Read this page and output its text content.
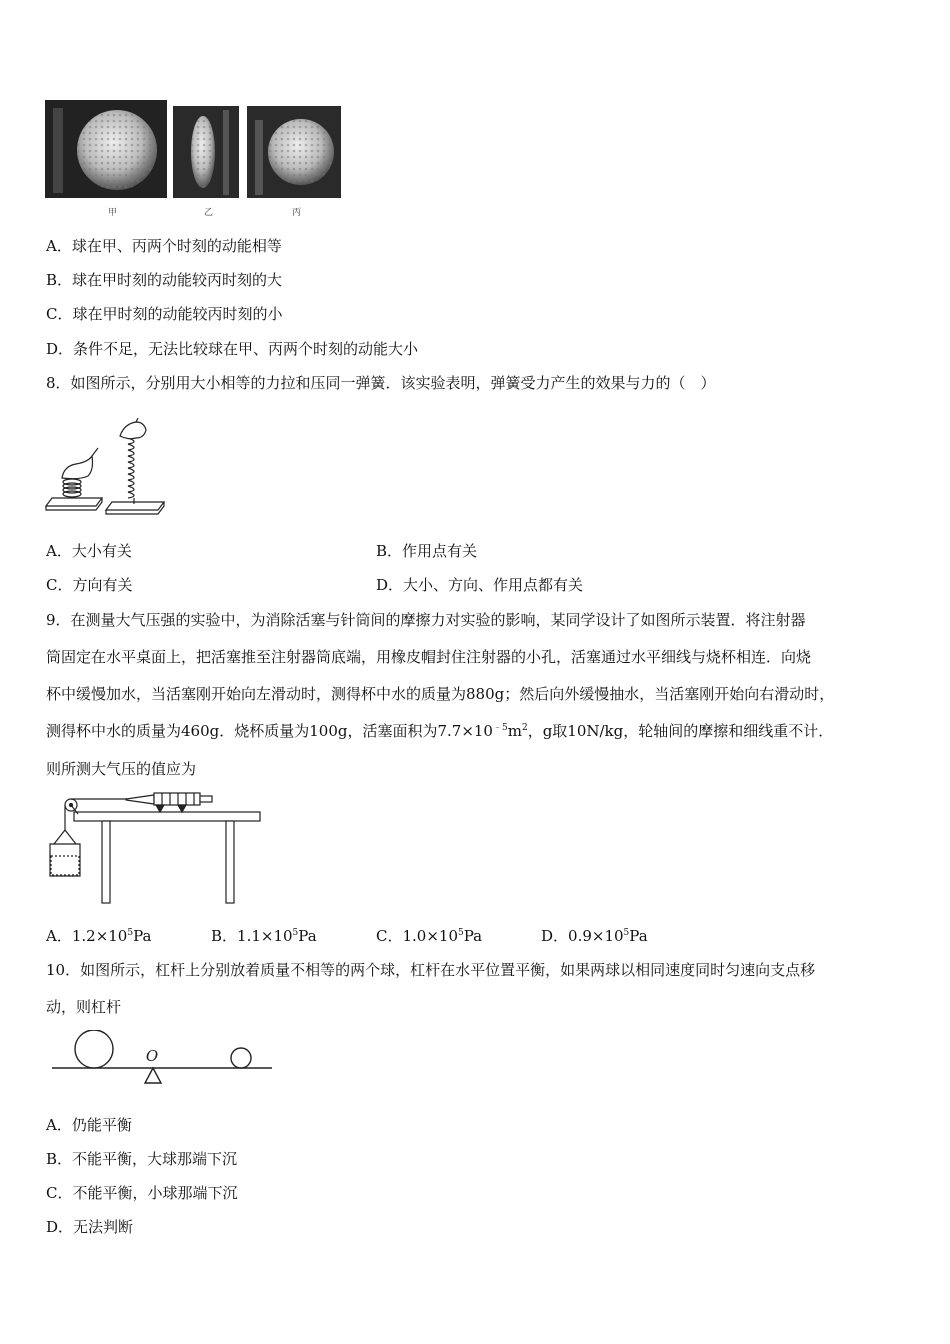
甲	乙	丙
A．球在甲、丙两个时刻的动能相等
B．球在甲时刻的动能较丙时刻的大
C．球在甲时刻的动能较丙时刻的小
D．条件不足，无法比较球在甲、丙两个时刻的动能大小
8．如图所示，分别用大小相等的力拉和压同一弹簧．该实验表明，弹簧受力产生的效果与力的（　）
A．大小有关	B．作用点有关
C．方向有关	D．大小、方向、作用点都有关
9．在测量大气压强的实验中，为消除活塞与针筒间的摩擦力对实验的影响，某同学设计了如图所示装置．将注射器
筒固定在水平桌面上，把活塞推至注射器筒底端，用橡皮帽封住注射器的小孔，活塞通过水平细线与烧杯相连．向烧
杯中缓慢加水，当活塞刚开始向左滑动时，测得杯中水的质量为880g；然后向外缓慢抽水，当活塞刚开始向右滑动时，
测得杯中水的质量为460g．烧杯质量为100g，活塞面积为$7.7\times 10^{﹣5}m^2$，g取10N/kg，轮轴间的摩擦和细线重不计．
则所测大气压的值应为
A．$1.2\times 10^5Pa$	B．$1.1\times 10^5Pa$	C．$1.0\times 10^5Pa$	D．$0.9\times 10^5Pa$
10．如图所示，杠杆上分别放着质量不相等的两个球，杠杆在水平位置平衡，如果两球以相同速度同时匀速向支点移
动，则杠杆
O
A．仍能平衡
B．不能平衡，大球那端下沉
C．不能平衡，小球那端下沉
D．无法判断
